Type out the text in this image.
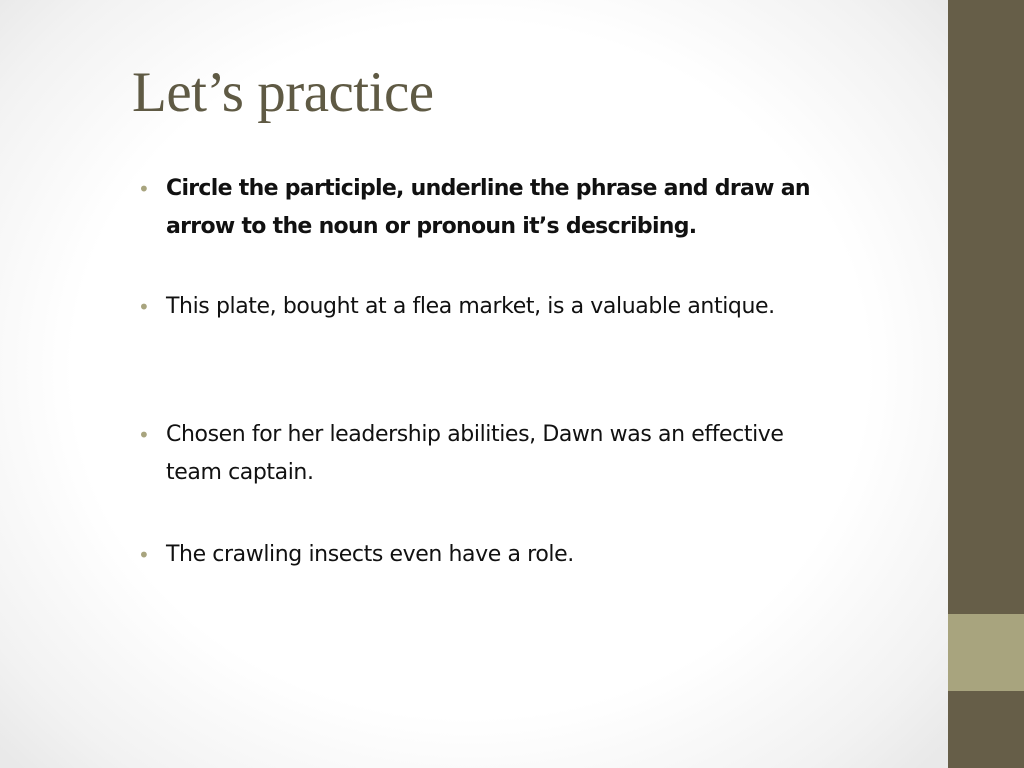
Let’s practice
• Circle the participle, underline the phrase and draw an arrow to the noun or pronoun it’s describing.
• This plate, bought at a flea market, is a valuable antique.
• Chosen for her leadership abilities, Dawn was an effective team captain.
• The crawling insects even have a role.
